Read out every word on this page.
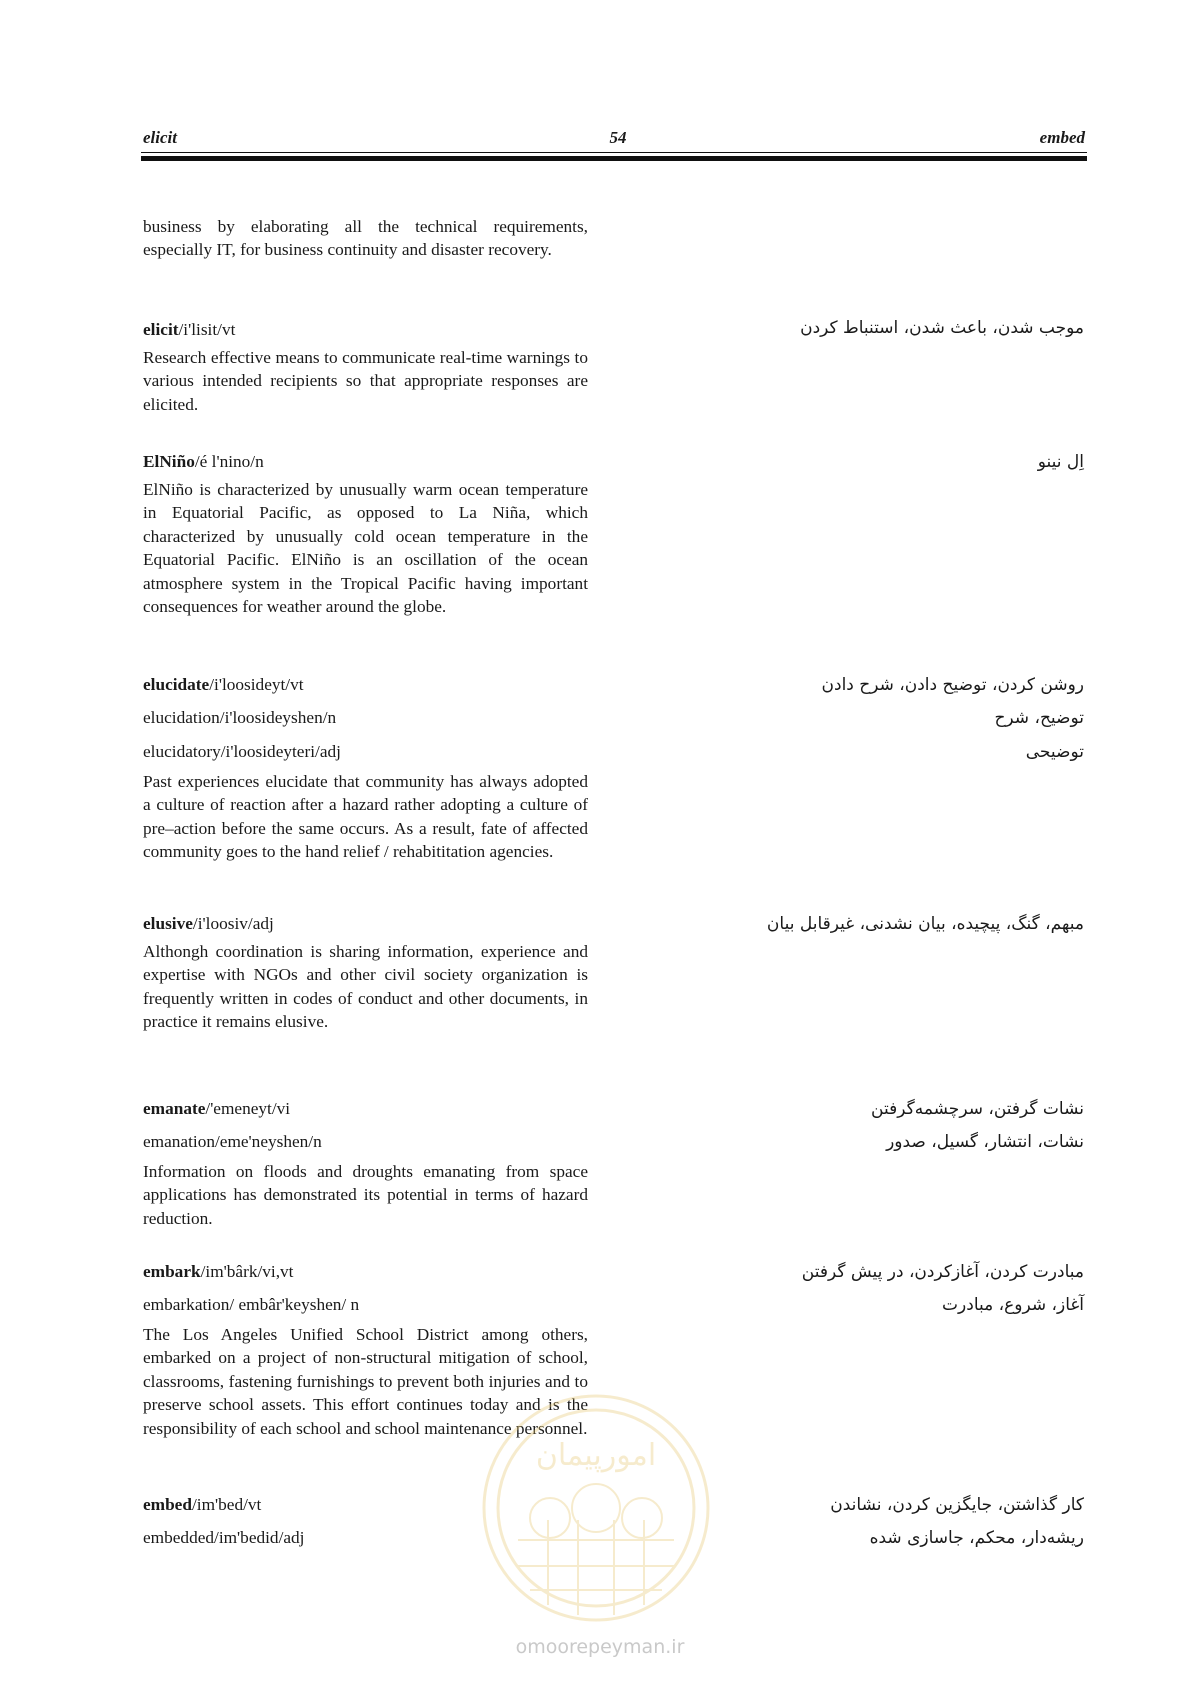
elicit	54	embed
business by elaborating all the technical requirements, especially IT, for business continuity and disaster recovery.
elicit/i'lisit/vt	موجب شدن، باعث شدن، استنباط کردن
Research effective means to communicate real-time warnings to various intended recipients so that appropriate responses are elicited.
ElNiño/é l'nino/n	اِل نینو
ElNiño is characterized by unusually warm ocean temperature in Equatorial Pacific, as opposed to La Niña, which characterized by unusually cold ocean temperature in the Equatorial Pacific. ElNiño is an oscillation of the ocean atmosphere system in the Tropical Pacific having important consequences for weather around the globe.
elucidate/i'loosideyt/vt	روشن کردن، توضیح دادن، شرح دادن
elucidation/i'loosideyshen/n	توضیح، شرح
elucidatory/i'loosideyteri/adj	توضیحی
Past experiences elucidate that community has always adopted a culture of reaction after a hazard rather adopting a culture of pre–action before the same occurs. As a result, fate of affected community goes to the hand relief / rehabititation agencies.
elusive/i'loosiv/adj	مبهم، گنگ، پیچیده، بیان نشدنی، غیرقابل بیان
Althongh coordination is sharing information, experience and expertise with NGOs and other civil society organization is frequently written in codes of conduct and other documents, in practice it remains elusive.
emanate/'emeneyt/vi	نشات گرفتن، سرچشمه‌گرفتن
emanation/eme'neyshen/n	نشات، انتشار، گسیل، صدور
Information on floods and droughts emanating from space applications has demonstrated its potential in terms of hazard reduction.
embark/im'bârk/vi,vt	مبادرت کردن، آغازکردن، در پیش گرفتن
embarkation/ embâr'keyshen/ n	آغاز، شروع، مبادرت
The Los Angeles Unified School District among others, embarked on a project of non-structural mitigation of school, classrooms, fastening furnishings to prevent both injuries and to preserve school assets. This effort continues today and is the responsibility of each school and school maintenance personnel.
embed/im'bed/vt	کار گذاشتن، جایگزین کردن، نشاندن
embedded/im'bedid/adj	ریشه‌دار، محکم، جاسازی شده
امورپیمان
omoorepeyman.ir
